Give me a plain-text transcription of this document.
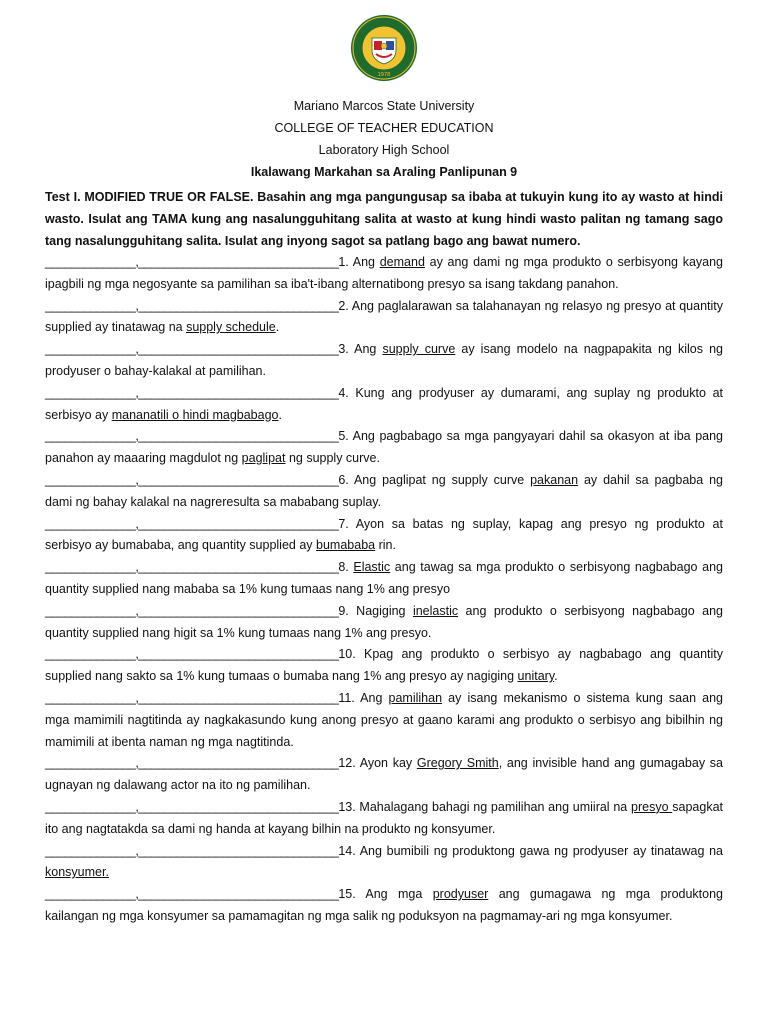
1978
Mariano Marcos State University
COLLEGE OF TEACHER EDUCATION
Laboratory High School
Ikalawang Markahan sa Araling Panlipunan 9
Test I. MODIFIED TRUE OR FALSE. Basahin ang mga pangungusap sa ibaba at tukuyin kung ito ay wasto at hindi wasto. Isulat ang TAMA kung ang nasalungguhitang salita at wasto at kung hindi wasto palitan ng tamang sago tang nasalungguhitang salita. Isulat ang inyong sagot sa patlang bago ang bawat numero.
______________,_______________________________1. Ang demand ay ang dami ng mga produkto o serbisyong kayang ipagbili ng mga negosyante sa pamilihan sa iba't-ibang alternatibong presyo sa isang takdang panahon.
______________,_______________________________2. Ang paglalarawan sa talahanayan ng relasyo ng presyo at quantity supplied ay tinatawag na supply schedule.
______________,_______________________________3. Ang supply curve ay isang modelo na nagpapakita ng kilos ng prodyuser o bahay-kalakal at pamilihan.
______________,_______________________________4. Kung ang prodyuser ay dumarami, ang suplay ng produkto at serbisyo ay mananatili o hindi magbabago.
______________,_______________________________5. Ang pagbabago sa mga pangyayari dahil sa okasyon at iba pang panahon ay maaaring magdulot ng paglipat ng supply curve.
______________,_______________________________6. Ang paglipat ng supply curve pakanan ay dahil sa pagbaba ng dami ng bahay kalakal na nagreresulta sa mababang suplay.
______________,_______________________________7. Ayon sa batas ng suplay, kapag ang presyo ng produkto at serbisyo ay bumababa, ang quantity supplied ay bumababa rin.
______________,_______________________________8. Elastic ang tawag sa mga produkto o serbisyong nagbabago ang quantity supplied nang mababa sa 1% kung tumaas nang 1% ang presyo
______________,_______________________________9. Nagiging inelastic ang produkto o serbisyong nagbabago ang quantity supplied nang higit sa 1% kung tumaas nang 1% ang presyo.
______________,_______________________________10. Kpag ang produkto o serbisyo ay nagbabago ang quantity supplied nang sakto sa 1% kung tumaas o bumaba nang 1% ang presyo ay nagiging unitary.
______________,_______________________________11. Ang pamilihan ay isang mekanismo o sistema kung saan ang mga mamimili nagtitinda ay nagkakasundo kung anong presyo at gaano karami ang produkto o serbisyo ang bibilhin ng mamimili at ibenta naman ng mga nagtitinda.
______________,_______________________________12. Ayon kay Gregory Smith, ang invisible hand ang gumagabay sa ugnayan ng dalawang actor na ito ng pamilihan.
______________,_______________________________13. Mahalagang bahagi ng pamilihan ang umiiral na presyo sapagkat ito ang nagtatakda sa dami ng handa at kayang bilhin na produkto ng konsyumer.
______________,_______________________________14. Ang bumibili ng produktong gawa ng prodyuser ay tinatawag na konsyumer.
______________,_______________________________15. Ang mga prodyuser ang gumagawa ng mga produktong kailangan ng mga konsyumer sa pamamagitan ng mga salik ng poduksyon na pagmamay-ari ng mga konsyumer.
